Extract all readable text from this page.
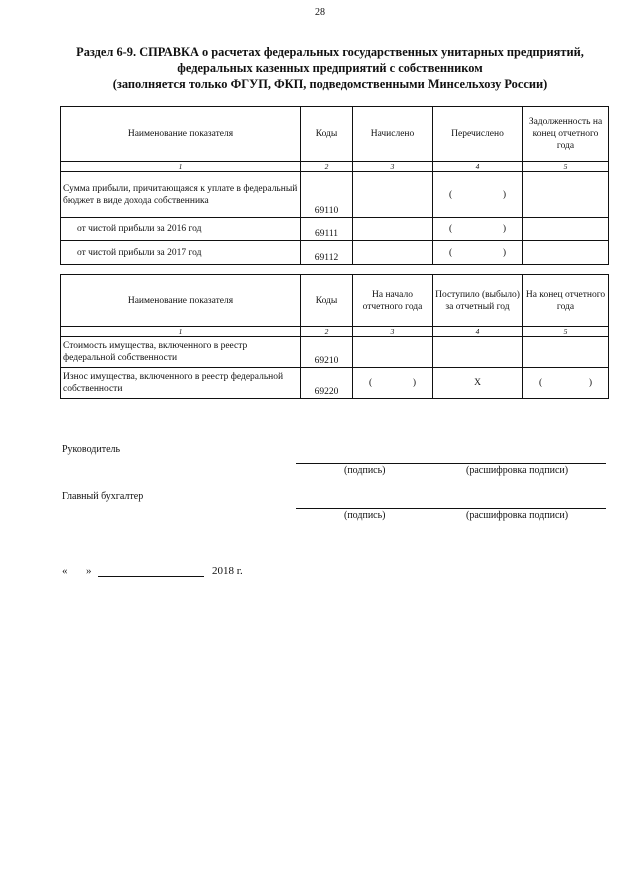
28
Раздел 6-9. СПРАВКА о расчетах федеральных государственных унитарных предприятий,
федеральных казенных предприятий с собственником
(заполняется только ФГУП, ФКП, подведомственными Минсельхозу России)
Наименование показателя	Коды	Начислено	Перечислено	Задолженность на конец отчетного года
1	2	3	4	5
Сумма прибыли, причитающаяся к уплате в федеральный бюджет в виде дохода собственника	69110		( )	

от чистой прибыли за 2016 год	69111		( )	

от чистой прибыли за 2017 год	69112		( )	

Наименование показателя	Коды	На начало отчетного года	Поступило (выбыло) за отчетный год	На конец отчетного года
1	2	3	4	5
Стоимость имущества, включенного в реестр федеральной собственности	69210			
Износ имущества, включенного в реестр федеральной собственности	69220	( )	X	( )
Руководитель
(подпись)	(расшифровка подписи)
Главный бухгалтер
(подпись)	(расшифровка подписи)
« »	2018 г.
